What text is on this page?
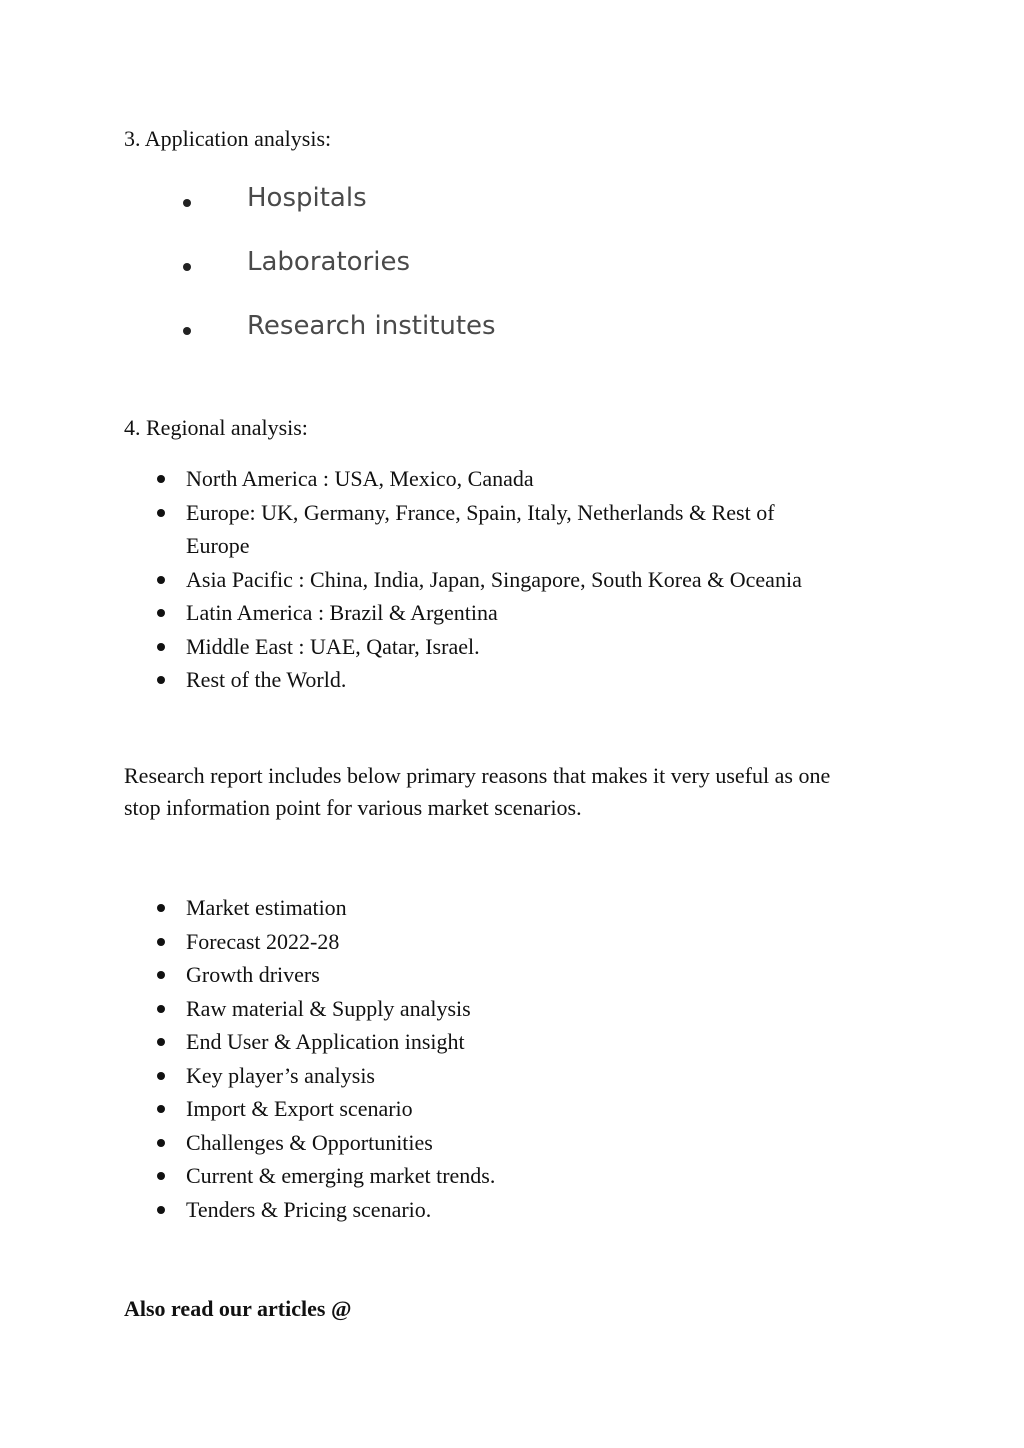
3. Application analysis:
Hospitals
Laboratories
Research institutes
4. Regional analysis:
North America : USA, Mexico, Canada
Europe: UK, Germany, France, Spain, Italy, Netherlands & Rest of
Europe
Asia Pacific : China, India, Japan, Singapore, South Korea & Oceania
Latin America : Brazil & Argentina
Middle East : UAE, Qatar, Israel.
Rest of the World.
Research report includes below primary reasons that makes it very useful as one
stop information point for various market scenarios.
Market estimation
Forecast 2022-28
Growth drivers
Raw material & Supply analysis
End User & Application insight
Key player’s analysis
Import & Export scenario
Challenges & Opportunities
Current & emerging market trends.
Tenders & Pricing scenario.
Also read our articles @
